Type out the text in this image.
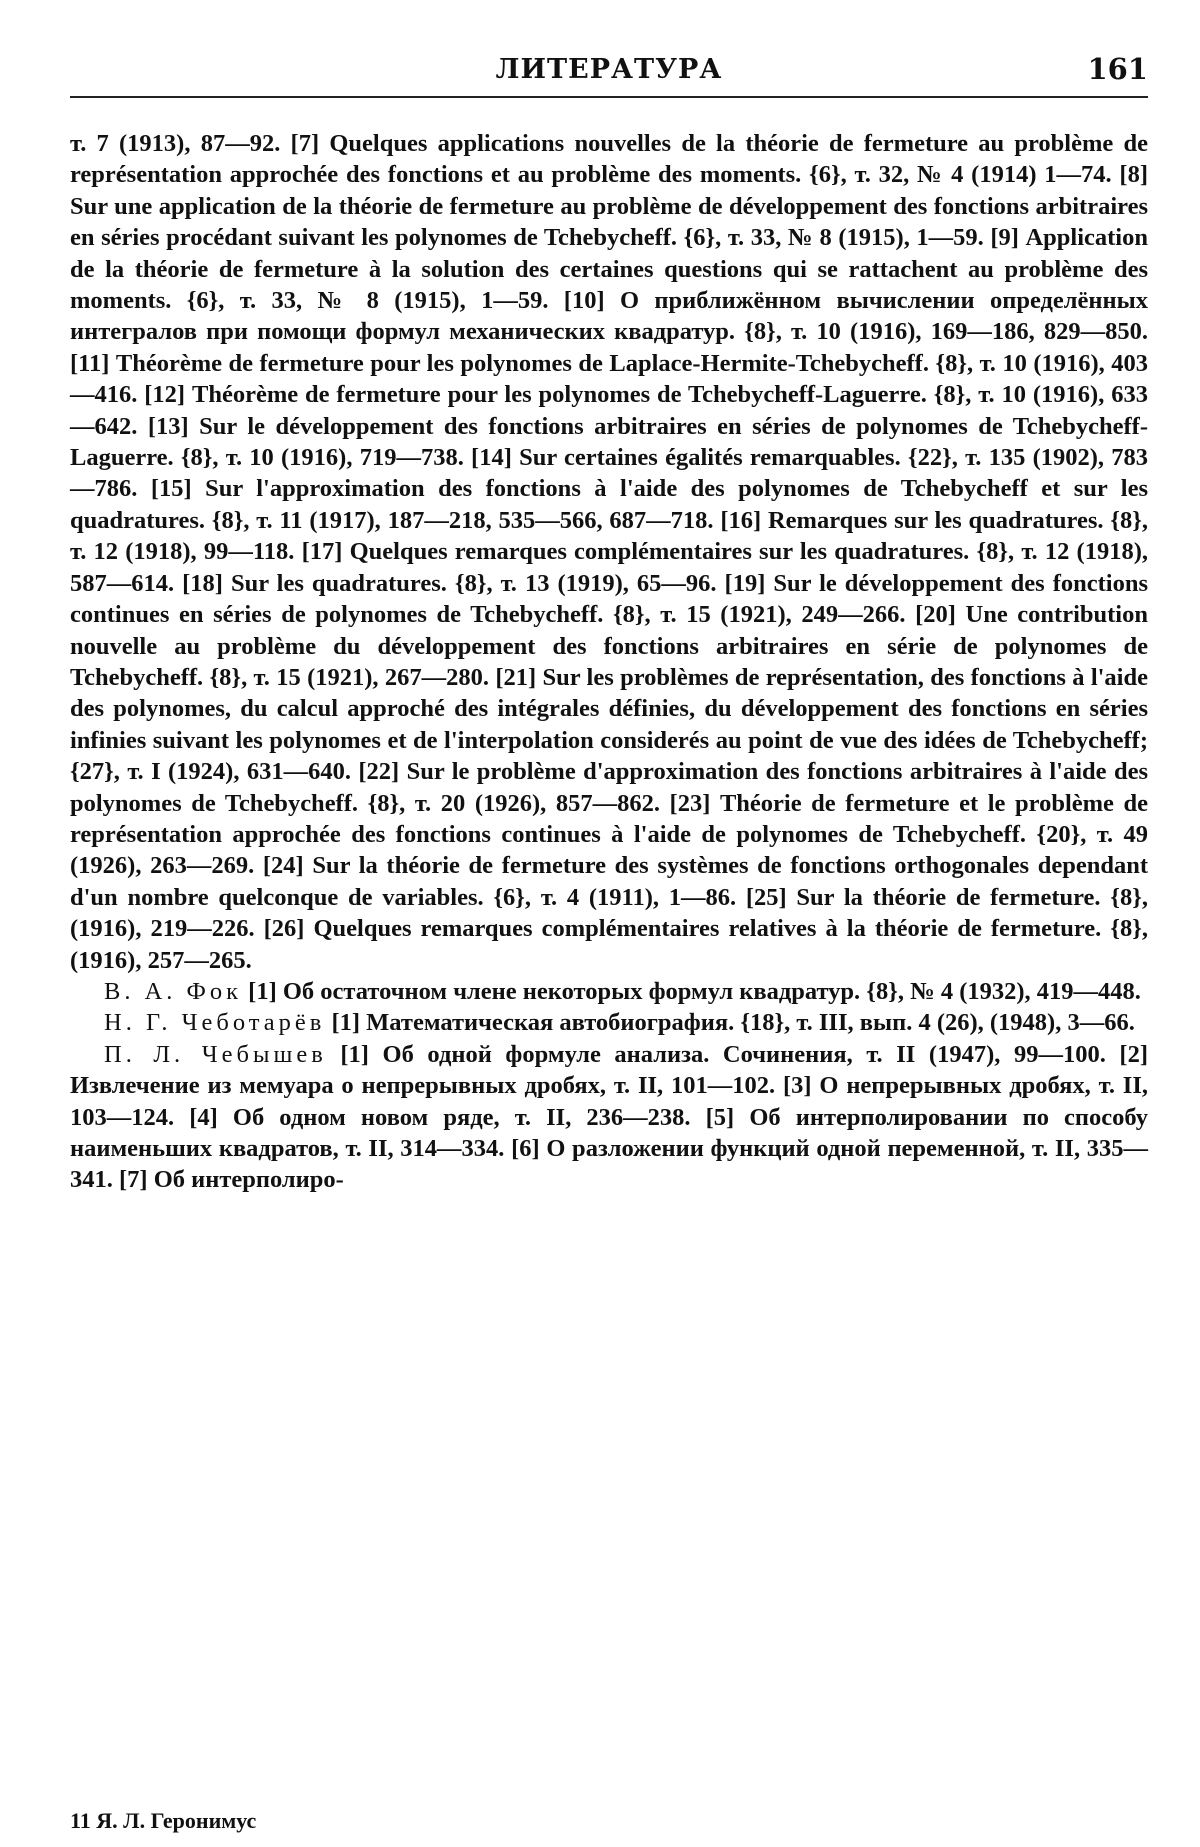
ЛИТЕРАТУРА	161

т. 7 (1913), 87—92. [7] Quelques applications nouvelles de la théorie de fermeture au problème de représentation approchée des fonctions et au problème des moments. {6}, т. 32, № 4 (1914) 1—74. [8] Sur une application de la théorie de fermeture au problème de développement des fonctions arbitraires en séries procédant suivant les polynomes de Tchebycheff. {6}, т. 33, № 8 (1915), 1—59. [9] Application de la théorie de fermeture à la solution des certaines questions qui se rattachent au problème des moments. {6}, т. 33, № 8 (1915), 1—59. [10] О приближённом вычислении определённых интегралов при помощи формул механических квадратур. {8}, т. 10 (1916), 169—186, 829—850. [11] Théorème de fermeture pour les polynomes de Laplace-Hermite-Tchebycheff. {8}, т. 10 (1916), 403—416. [12] Théorème de fermeture pour les polynomes de Tchebycheff-Laguerre. {8}, т. 10 (1916), 633—642. [13] Sur le développement des fonctions arbitraires en séries de polynomes de Tchebycheff-Laguerre. {8}, т. 10 (1916), 719—738. [14] Sur certaines égalités remarquables. {22}, т. 135 (1902), 783—786. [15] Sur l'approximation des fonctions à l'aide des polynomes de Tchebycheff et sur les quadratures. {8}, т. 11 (1917), 187—218, 535—566, 687—718. [16] Remarques sur les quadratures. {8}, т. 12 (1918), 99—118. [17] Quelques remarques complémentaires sur les quadratures. {8}, т. 12 (1918), 587—614. [18] Sur les quadratures. {8}, т. 13 (1919), 65—96. [19] Sur le développement des fonctions continues en séries de polynomes de Tchebycheff. {8}, т. 15 (1921), 249—266. [20] Une contribution nouvelle au problème du développement des fonctions arbitraires en série de polynomes de Tchebycheff. {8}, т. 15 (1921), 267—280. [21] Sur les problèmes de représentation, des fonctions à l'aide des polynomes, du calcul approché des intégrales définies, du développement des fonctions en séries infinies suivant les polynomes et de l'interpolation considerés au point de vue des idées de Tchebycheff; {27}, т. I (1924), 631—640. [22] Sur le problème d'approximation des fonctions arbitraires à l'aide des polynomes de Tchebycheff. {8}, т. 20 (1926), 857—862. [23] Théorie de fermeture et le problème de représentation approchée des fonctions continues à l'aide de polynomes de Tchebycheff. {20}, т. 49 (1926), 263—269. [24] Sur la théorie de fermeture des systèmes de fonctions orthogonales dependant d'un nombre quelconque de variables. {6}, т. 4 (1911), 1—86. [25] Sur la théorie de fermeture. {8}, (1916), 219—226. [26] Quelques remarques complémentaires relatives à la théorie de fermeture. {8}, (1916), 257—265.

В. А. Фок [1] Об остаточном члене некоторых формул квадратур. {8}, № 4 (1932), 419—448.

Н. Г. Чеботарёв [1] Математическая автобиография. {18}, т. III, вып. 4 (26), (1948), 3—66.

П. Л. Чебышев [1] Об одной формуле анализа. Сочинения, т. II (1947), 99—100. [2] Извлечение из мемуара о непрерывных дробях, т. II, 101—102. [3] О непрерывных дробях, т. II, 103—124. [4] Об одном новом ряде, т. II, 236—238. [5] Об интерполировании по способу наименьших квадратов, т. II, 314—334. [6] О разложении функций одной переменной, т. II, 335—341. [7] Об интерполиро-

11 Я. Л. Геронимус
